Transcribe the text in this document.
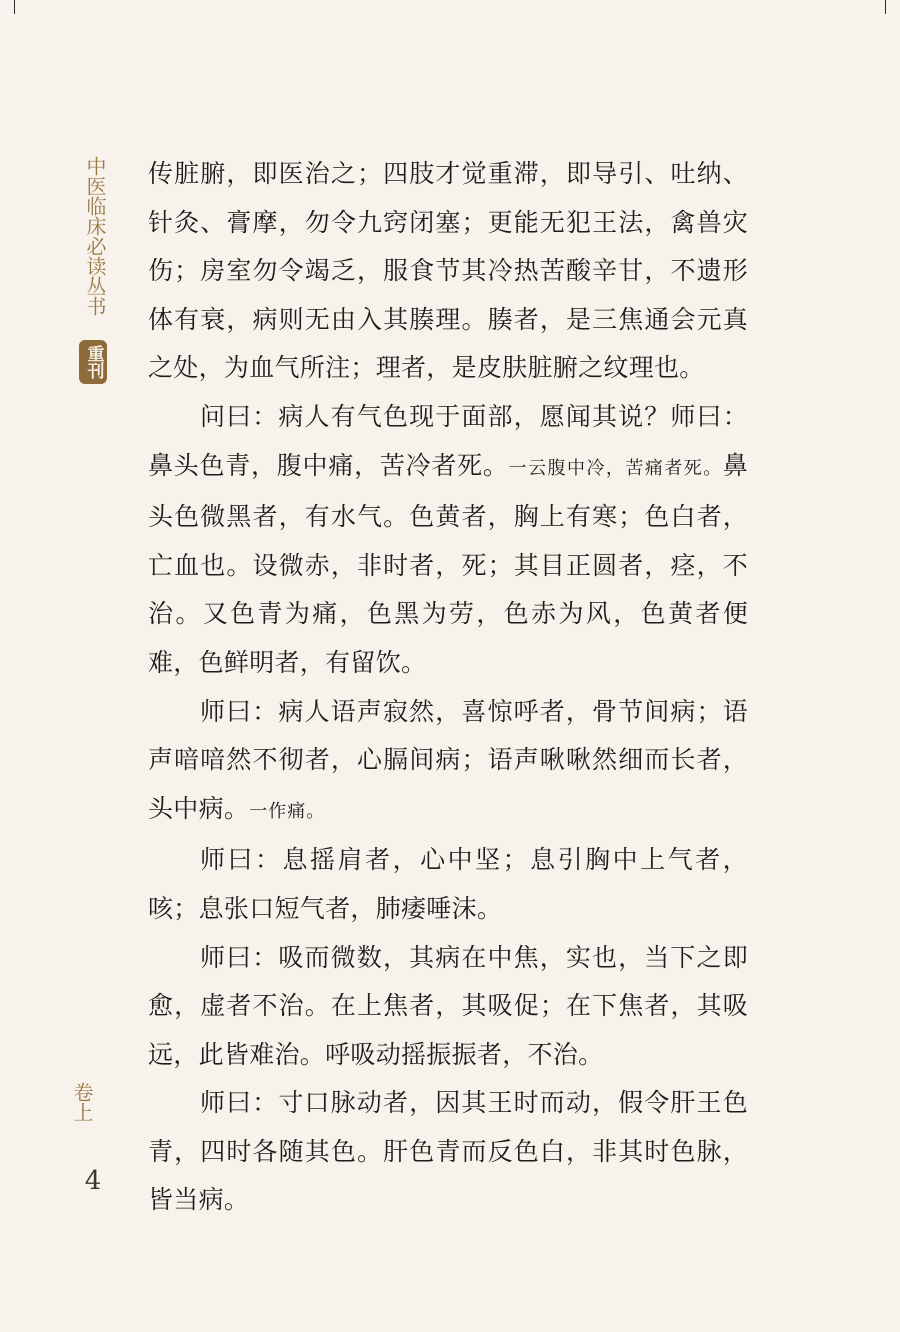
中医临床必读丛书
重刊
卷上
4

传脏腑，即医治之；四肢才觉重滞，即导引、吐纳、针灸、膏摩，勿令九窍闭塞；更能无犯王法，禽兽灾伤；房室勿令竭乏，服食节其冷热苦酸辛甘，不遗形体有衰，病则无由入其腠理。腠者，是三焦通会元真之处，为血气所注；理者，是皮肤脏腑之纹理也。

问曰：病人有气色现于面部，愿闻其说？师曰：鼻头色青，腹中痛，苦冷者死。一云腹中冷，苦痛者死。鼻头色微黑者，有水气。色黄者，胸上有寒；色白者，亡血也。设微赤，非时者，死；其目正圆者，痉，不治。又色青为痛，色黑为劳，色赤为风，色黄者便难，色鲜明者，有留饮。

师曰：病人语声寂然，喜惊呼者，骨节间病；语声喑喑然不彻者，心膈间病；语声啾啾然细而长者，头中病。一作痛。

师曰：息摇肩者，心中坚；息引胸中上气者，咳；息张口短气者，肺痿唾沫。

师曰：吸而微数，其病在中焦，实也，当下之即愈，虚者不治。在上焦者，其吸促；在下焦者，其吸远，此皆难治。呼吸动摇振振者，不治。

师曰：寸口脉动者，因其王时而动，假令肝王色青，四时各随其色。肝色青而反色白，非其时色脉，皆当病。
